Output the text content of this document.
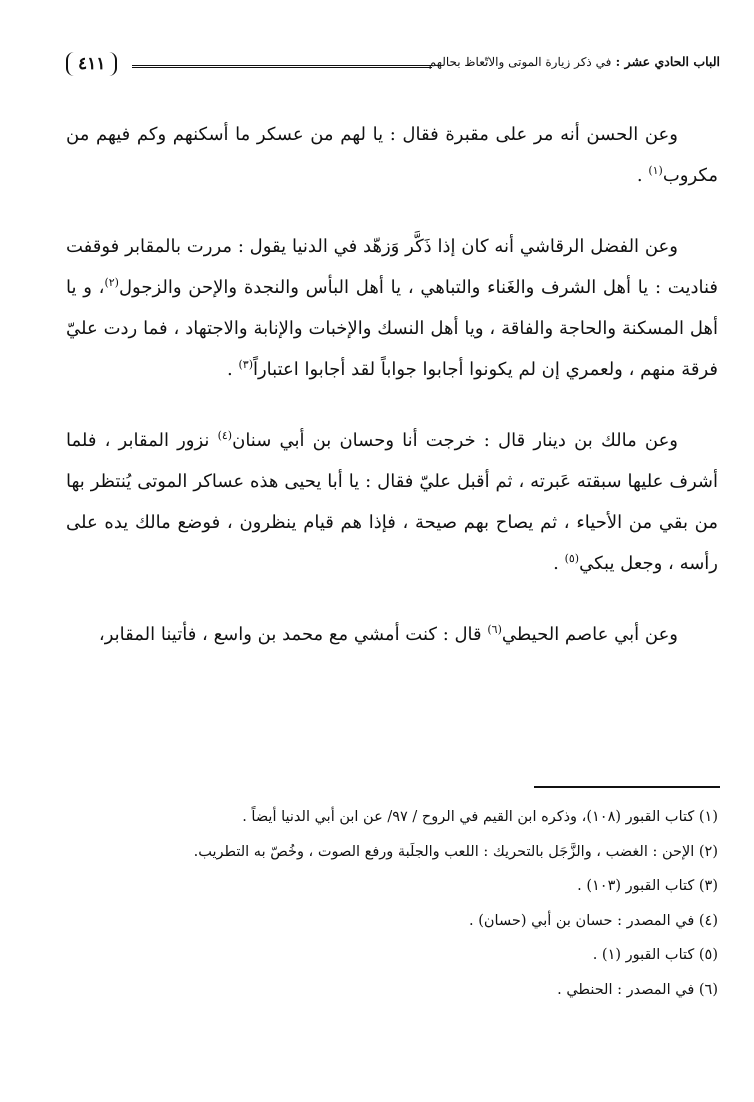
٤١١	الباب الحادي عشر : في ذكر زيارة الموتى والاتّعاظ بحالهم

وعن الحسن أنه مر على مقبرة فقال : يا لهم من عسكر ما أسكنهم وكم فيهم من مكروب$^{(١)}$ .

وعن الفضل الرقاشي أنه كان إذا ذَكَّر وَزهّد في الدنيا يقول : مررت بالمقابر فوقفت فناديت : يا أهل الشرف والغَناء والتباهي ، يا أهل البأس والنجدة والإحن والزجول$^{(٢)}$، و يا أهل المسكنة والحاجة والفاقة ، ويا أهل النسك والإخبات والإنابة والاجتهاد ، فما ردت عليّ فرقة منهم ، ولعمري إن لم يكونوا أجابوا جواباً لقد أجابوا اعتباراً$^{(٣)}$ .

وعن مالك بن دينار قال : خرجت أنا وحسان بن أبي سنان$^{(٤)}$ نزور المقابر ، فلما أشرف عليها سبقته عَبرته ، ثم أقبل عليّ فقال : يا أبا يحيى هذه عساكر الموتى يُنتظر بها من بقي من الأحياء ، ثم يصاح بهم صيحة ، فإذا هم قيام ينظرون ، فوضع مالك يده على رأسه ، وجعل يبكي$^{(٥)}$ .

وعن أبي عاصم الحيطي$^{(٦)}$ قال : كنت أمشي مع محمد بن واسع ، فأتينا المقابر،

(١) كتاب القبور (١٠٨)، وذكره ابن القيم في الروح / ٩٧/ عن ابن أبي الدنيا أيضاً .
(٢) الإحن : الغضب ، والزَّجَل بالتحريك : اللعب والجلَبة ورفع الصوت ، وخُصّ به التطريب.
(٣) كتاب القبور (١٠٣) .
(٤) في المصدر : حسان بن أبي (حسان) .
(٥) كتاب القبور (١) .
(٦) في المصدر : الحنطي .
